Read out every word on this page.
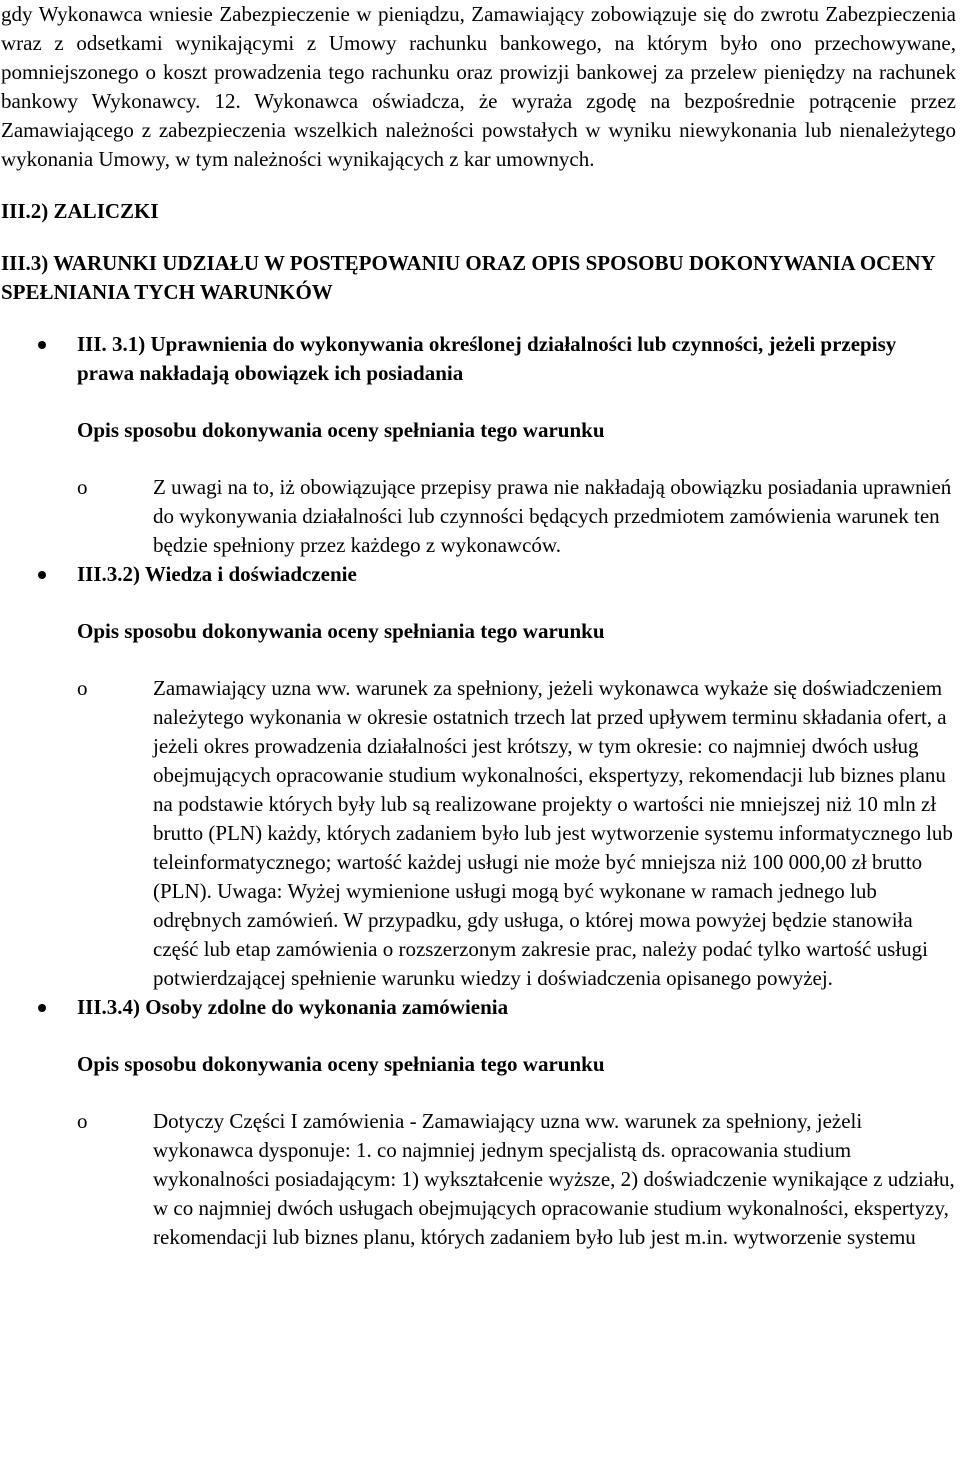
gdy Wykonawca wniesie Zabezpieczenie w pieniądzu, Zamawiający zobowiązuje się do zwrotu Zabezpieczenia wraz z odsetkami wynikającymi z Umowy rachunku bankowego, na którym było ono przechowywane, pomniejszonego o koszt prowadzenia tego rachunku oraz prowizji bankowej za przelew pieniędzy na rachunek bankowy Wykonawcy. 12. Wykonawca oświadcza, że wyraża zgodę na bezpośrednie potrącenie przez Zamawiającego z zabezpieczenia wszelkich należności powstałych w wyniku niewykonania lub nienależytego wykonania Umowy, w tym należności wynikających z kar umownych.

III.2) ZALICZKI

III.3) WARUNKI UDZIAŁU W POSTĘPOWANIU ORAZ OPIS SPOSOBU DOKONYWANIA OCENY SPEŁNIANIA TYCH WARUNKÓW

III. 3.1) Uprawnienia do wykonywania określonej działalności lub czynności, jeżeli przepisy prawa nakładają obowiązek ich posiadania

Opis sposobu dokonywania oceny spełniania tego warunku

o	Z uwagi na to, iż obowiązujące przepisy prawa nie nakładają obowiązku posiadania uprawnień do wykonywania działalności lub czynności będących przedmiotem zamówienia warunek ten będzie spełniony przez każdego z wykonawców.

III.3.2) Wiedza i doświadczenie

Opis sposobu dokonywania oceny spełniania tego warunku

o	Zamawiający uzna ww. warunek za spełniony, jeżeli wykonawca wykaże się doświadczeniem należytego wykonania w okresie ostatnich trzech lat przed upływem terminu składania ofert, a jeżeli okres prowadzenia działalności jest krótszy, w tym okresie: co najmniej dwóch usług obejmujących opracowanie studium wykonalności, ekspertyzy, rekomendacji lub biznes planu na podstawie których były lub są realizowane projekty o wartości nie mniejszej niż 10 mln zł brutto (PLN) każdy, których zadaniem było lub jest wytworzenie systemu informatycznego lub teleinformatycznego; wartość każdej usługi nie może być mniejsza niż 100 000,00 zł brutto (PLN). Uwaga: Wyżej wymienione usługi mogą być wykonane w ramach jednego lub odrębnych zamówień. W przypadku, gdy usługa, o której mowa powyżej będzie stanowiła część lub etap zamówienia o rozszerzonym zakresie prac, należy podać tylko wartość usługi potwierdzającej spełnienie warunku wiedzy i doświadczenia opisanego powyżej.

III.3.4) Osoby zdolne do wykonania zamówienia

Opis sposobu dokonywania oceny spełniania tego warunku

o	Dotyczy Części I zamówienia - Zamawiający uzna ww. warunek za spełniony, jeżeli wykonawca dysponuje: 1. co najmniej jednym specjalistą ds. opracowania studium wykonalności posiadającym: 1) wykształcenie wyższe, 2) doświadczenie wynikające z udziału, w co najmniej dwóch usługach obejmujących opracowanie studium wykonalności, ekspertyzy, rekomendacji lub biznes planu, których zadaniem było lub jest m.in. wytworzenie systemu
